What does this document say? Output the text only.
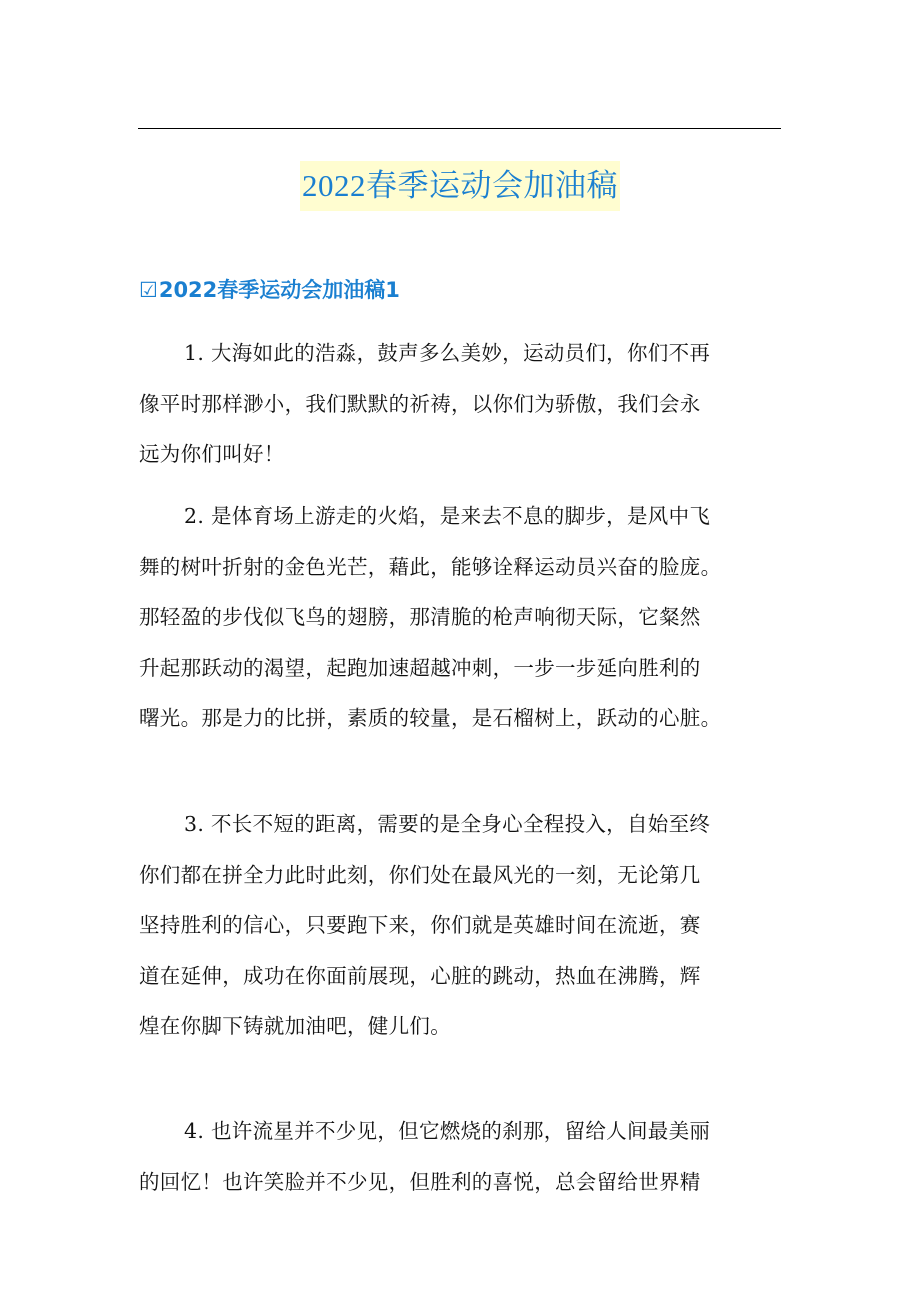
2022春季运动会加油稿
☑2022春季运动会加油稿1
1. 大海如此的浩淼，鼓声多么美妙，运动员们，你们不再
像平时那样渺小，我们默默的祈祷，以你们为骄傲，我们会永
远为你们叫好！
2. 是体育场上游走的火焰，是来去不息的脚步，是风中飞
舞的树叶折射的金色光芒，藉此，能够诠释运动员兴奋的脸庞。
那轻盈的步伐似飞鸟的翅膀，那清脆的枪声响彻天际，它粲然
升起那跃动的渴望，起跑加速超越冲刺，一步一步延向胜利的
曙光。那是力的比拼，素质的较量，是石榴树上，跃动的心脏。
3. 不长不短的距离，需要的是全身心全程投入，自始至终
你们都在拼全力此时此刻，你们处在最风光的一刻，无论第几
坚持胜利的信心，只要跑下来，你们就是英雄时间在流逝，赛
道在延伸，成功在你面前展现，心脏的跳动，热血在沸腾，辉
煌在你脚下铸就加油吧，健儿们。
4. 也许流星并不少见，但它燃烧的刹那，留给人间最美丽
的回忆！也许笑脸并不少见，但胜利的喜悦，总会留给世界精
